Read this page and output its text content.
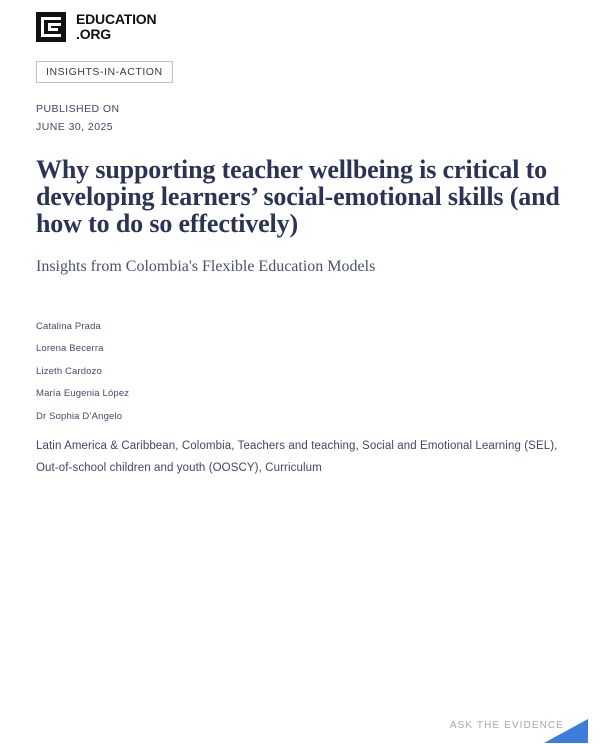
EDUCATION
.ORG
INSIGHTS-IN-ACTION
PUBLISHED ON
JUNE 30, 2025
Why supporting teacher wellbeing is critical to developing learners’ social-emotional skills (and how to do so effectively)

Insights from Colombia's Flexible Education Models

Catalina Prada
Lorena Becerra
Lizeth Cardozo
María Eugenia López
Dr Sophia D’Angelo
Latin America & Caribbean, Colombia, Teachers and teaching, Social and Emotional Learning (SEL), Out-of-school children and youth (OOSCY), Curriculum
ASK THE EVIDENCE
